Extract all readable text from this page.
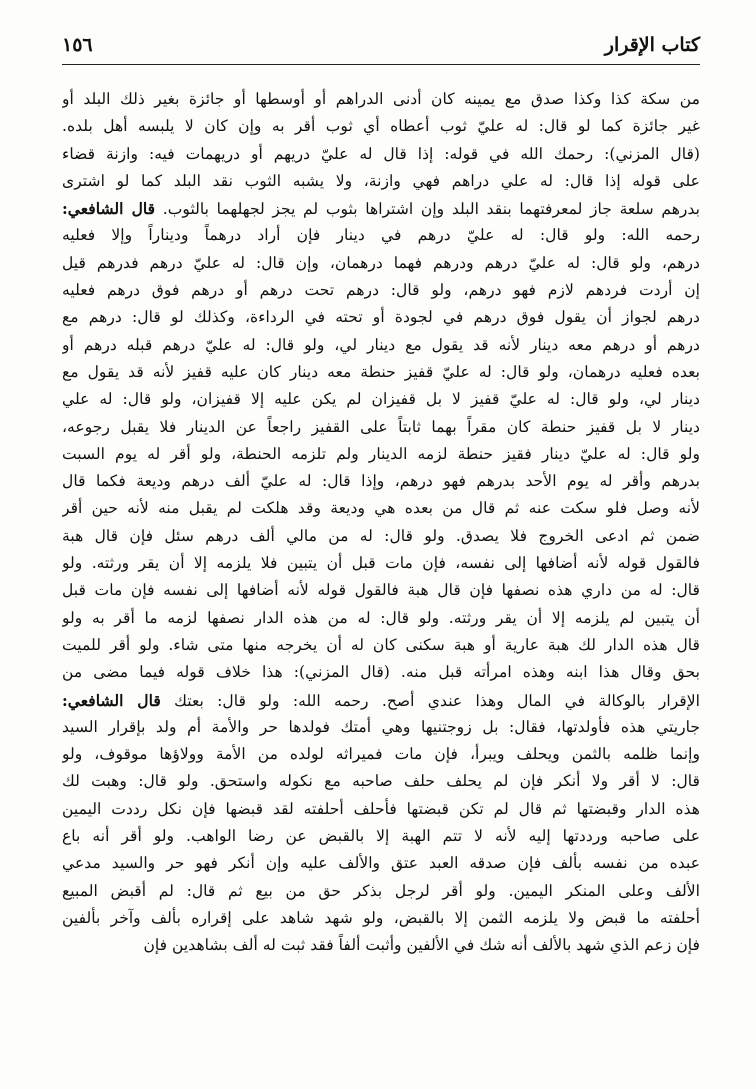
كتاب الإقرار
١٥٦
من سكة كذا وكذا صدق مع يمينه كان أدنى الدراهم أو أوسطها أو جائزة بغير ذلك البلد أو
غير جائزة كما لو قال: له عليّ ثوب أعطاه أي ثوب أقر به وإن كان لا يلبسه أهل بلده.
(قال المزني): رحمك الله في قوله: إذا قال له عليّ دريهم أو دريهمات فيه: وازنة قضاء
على قوله إذا قال: له علي دراهم فهي وازنة، ولا يشبه الثوب نقد البلد كما لو اشترى
بدرهم سلعة جاز لمعرفتهما بنقد البلد وإن اشتراها بثوب لم يجز لجهلهما بالثوب. قال الشافعي:
رحمه الله: ولو قال: له عليّ درهم في دينار فإن أراد درهماً وديناراً وإلا فعليه
درهم، ولو قال: له عليّ درهم ودرهم فهما درهمان، وإن قال: له عليّ درهم فدرهم قيل
إن أردت فردهم لازم فهو درهم، ولو قال: درهم تحت درهم أو درهم فوق درهم فعليه
درهم لجواز أن يقول فوق درهم في لجودة أو تحته في الرداءة، وكذلك لو قال: درهم مع
درهم أو درهم معه دينار لأنه قد يقول مع دينار لي، ولو قال: له عليّ درهم قبله درهم أو
بعده فعليه درهمان، ولو قال: له عليّ قفيز حنطة معه دينار كان عليه قفيز لأنه قد يقول مع
دينار لي، ولو قال: له عليّ قفيز لا بل قفيزان لم يكن عليه إلا قفيزان، ولو قال: له علي
دينار لا بل قفيز حنطة كان مقراً بهما ثابتاً على القفيز راجعاً عن الدينار فلا يقبل رجوعه،
ولو قال: له عليّ دينار فقيز حنطة لزمه الدينار ولم تلزمه الحنطة، ولو أقر له يوم السبت
بدرهم وأقر له يوم الأحد بدرهم فهو درهم، وإذا قال: له عليّ ألف درهم وديعة فكما قال
لأنه وصل فلو سكت عنه ثم قال من بعده هي وديعة وقد هلكت لم يقبل منه لأنه حين أقر
ضمن ثم ادعى الخروج فلا يصدق. ولو قال: له من مالي ألف درهم سئل فإن قال هبة
فالقول قوله لأنه أضافها إلى نفسه، فإن مات قبل أن يتبين فلا يلزمه إلا أن يقر ورثته. ولو
قال: له من داري هذه نصفها فإن قال هبة فالقول قوله لأنه أضافها إلى نفسه فإن مات قبل
أن يتبين لم يلزمه إلا أن يقر ورثته. ولو قال: له من هذه الدار نصفها لزمه ما أقر به ولو
قال هذه الدار لك هبة عارية أو هبة سكنى كان له أن يخرجه منها متى شاء. ولو أقر للميت
بحق وقال هذا ابنه وهذه امرأته قبل منه. (قال المزني): هذا خلاف قوله فيما مضى من
الإقرار بالوكالة في المال وهذا عندي أصح. رحمه الله: ولو قال: بعتك قال الشافعي:
جاريتي هذه فأولدتها، فقال: بل زوجتنيها وهي أمتك فولدها حر والأمة أم ولد بإقرار السيد
وإنما ظلمه بالثمن ويحلف ويبرأ، فإن مات فميراثه لولده من الأمة وولاؤها موقوف، ولو
قال: لا أقر ولا أنكر فإن لم يحلف حلف صاحبه مع نكوله واستحق. ولو قال: وهبت لك
هذه الدار وقبضتها ثم قال لم تكن قبضتها فأحلف أحلفته لقد قبضها فإن نكل رددت اليمين
على صاحبه ورددتها إليه لأنه لا تتم الهبة إلا بالقبض عن رضا الواهب. ولو أقر أنه باع
عبده من نفسه بألف فإن صدقه العبد عتق والألف عليه وإن أنكر فهو حر والسيد مدعي
الألف وعلى المنكر اليمين. ولو أقر لرجل بذكر حق من بيع ثم قال: لم أقبض المبيع
أحلفته ما قبض ولا يلزمه الثمن إلا بالقبض، ولو شهد شاهد على إقراره بألف وآخر بألفين
فإن زعم الذي شهد بالألف أنه شك في الألفين وأثبت ألفاً فقد ثبت له ألف بشاهدين فإن
